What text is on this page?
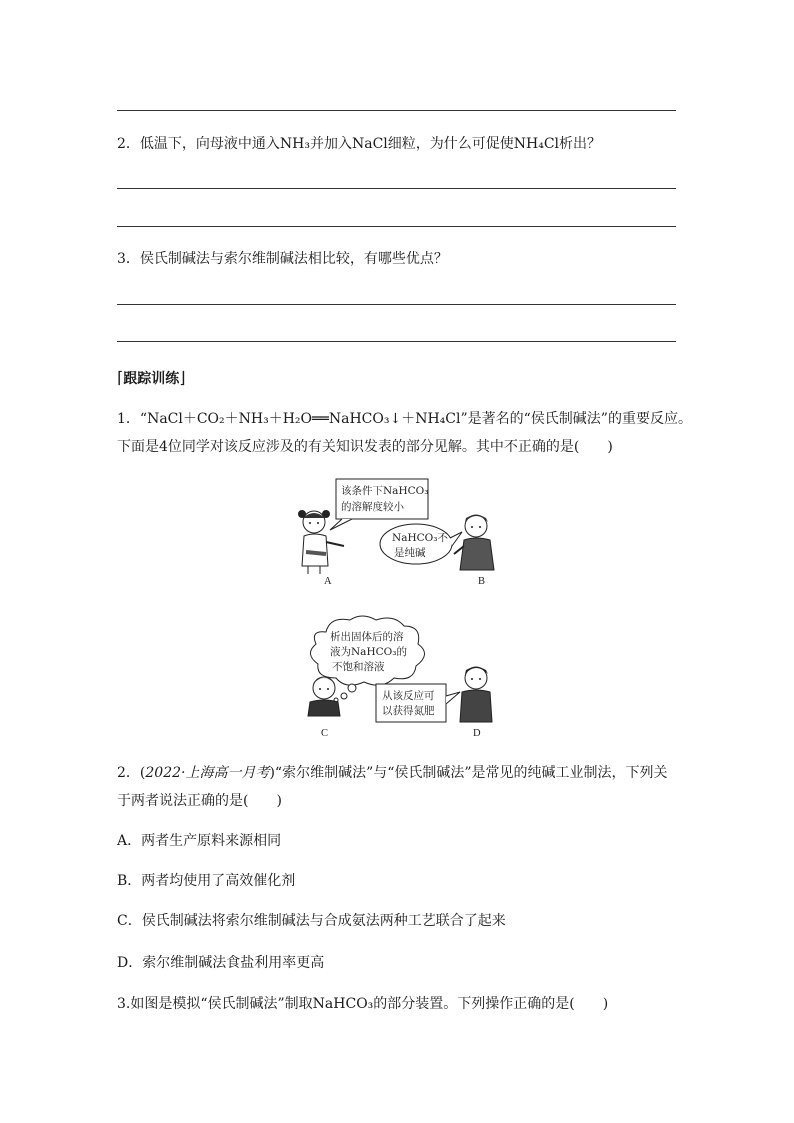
2．低温下，向母液中通入NH₃并加入NaCl细粒，为什么可促使NH₄Cl析出？
3．侯氏制碱法与索尔维制碱法相比较，有哪些优点？
⌈跟踪训练⌋
1．“NaCl＋CO₂＋NH₃＋H₂O══NaHCO₃↓＋NH₄Cl”是著名的“侯氏制碱法”的重要反应。
下面是4位同学对该反应涉及的有关知识发表的部分见解。其中不正确的是(　　)
该条件下NaHCO₃
的溶解度较小
NaHCO₃不
是纯碱
A	B
析出固体后的溶
液为NaHCO₃的
不饱和溶液
从该反应可
以获得氮肥
C	D
2．(2022·上海高一月考)“索尔维制碱法”与“侯氏制碱法”是常见的纯碱工业制法，下列关
于两者说法正确的是(　　)
A．两者生产原料来源相同
B．两者均使用了高效催化剂
C．侯氏制碱法将索尔维制碱法与合成氨法两种工艺联合了起来
D．索尔维制碱法食盐利用率更高
3.如图是模拟“侯氏制碱法”制取NaHCO₃的部分装置。下列操作正确的是(　　)
